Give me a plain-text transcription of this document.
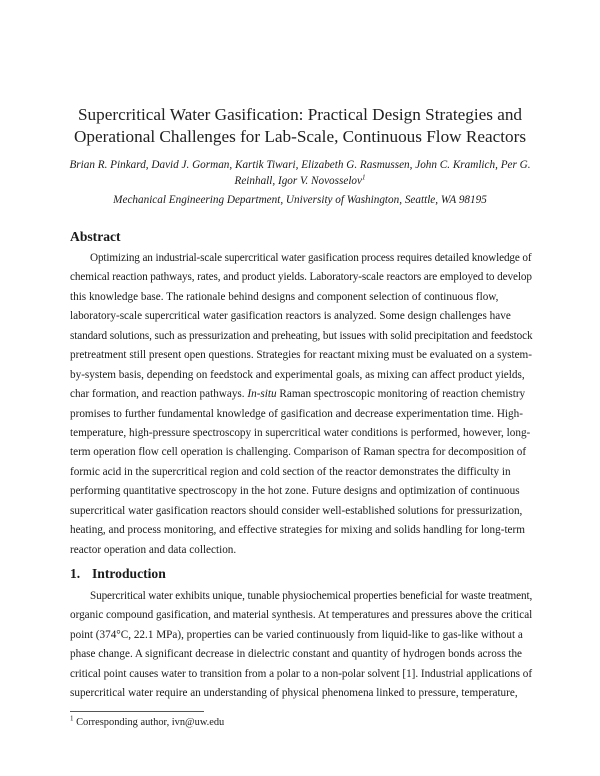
Supercritical Water Gasification: Practical Design Strategies and
Operational Challenges for Lab-Scale, Continuous Flow Reactors
Brian R. Pinkard, David J. Gorman, Kartik Tiwari, Elizabeth G. Rasmussen, John C. Kramlich, Per G.
Reinhall, Igor V. Novosselov$^1$
Mechanical Engineering Department, University of Washington, Seattle, WA 98195
Abstract
Optimizing an industrial-scale supercritical water gasification process requires detailed knowledge of
chemical reaction pathways, rates, and product yields. Laboratory-scale reactors are employed to develop
this knowledge base. The rationale behind designs and component selection of continuous flow,
laboratory-scale supercritical water gasification reactors is analyzed. Some design challenges have
standard solutions, such as pressurization and preheating, but issues with solid precipitation and feedstock
pretreatment still present open questions. Strategies for reactant mixing must be evaluated on a system-
by-system basis, depending on feedstock and experimental goals, as mixing can affect product yields,
char formation, and reaction pathways. In-situ Raman spectroscopic monitoring of reaction chemistry
promises to further fundamental knowledge of gasification and decrease experimentation time. High-
temperature, high-pressure spectroscopy in supercritical water conditions is performed, however, long-
term operation flow cell operation is challenging. Comparison of Raman spectra for decomposition of
formic acid in the supercritical region and cold section of the reactor demonstrates the difficulty in
performing quantitative spectroscopy in the hot zone. Future designs and optimization of continuous
supercritical water gasification reactors should consider well-established solutions for pressurization,
heating, and process monitoring, and effective strategies for mixing and solids handling for long-term
reactor operation and data collection.
1. Introduction
Supercritical water exhibits unique, tunable physiochemical properties beneficial for waste treatment,
organic compound gasification, and material synthesis. At temperatures and pressures above the critical
point (374°C, 22.1 MPa), properties can be varied continuously from liquid-like to gas-like without a
phase change. A significant decrease in dielectric constant and quantity of hydrogen bonds across the
critical point causes water to transition from a polar to a non-polar solvent [1]. Industrial applications of
supercritical water require an understanding of physical phenomena linked to pressure, temperature,
$^1$ Corresponding author, ivn@uw.edu
